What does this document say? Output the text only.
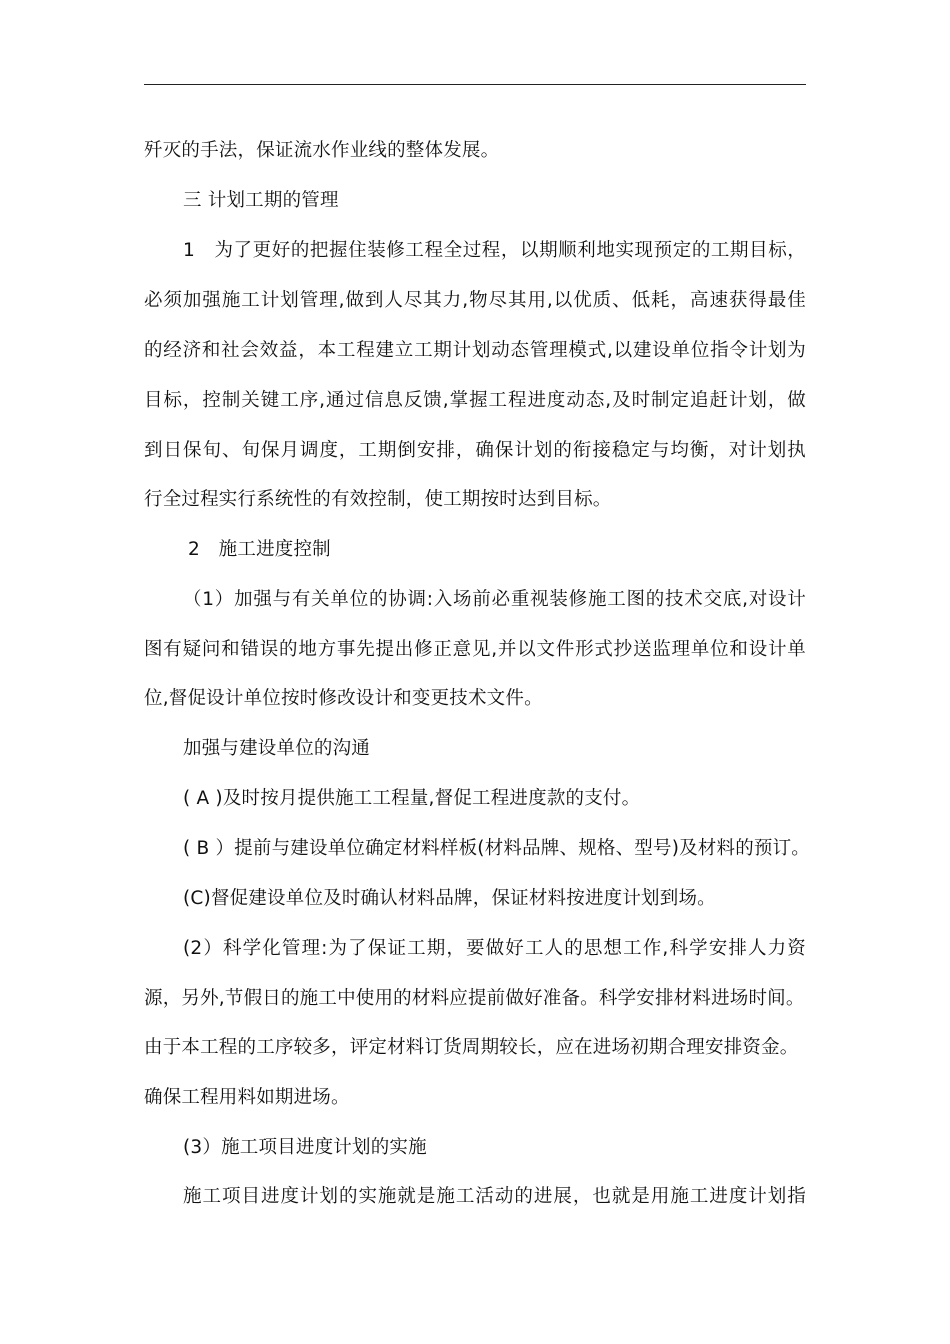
歼灭的手法，保证流水作业线的整体发展。
三 计划工期的管理
1　为了更好的把握住装修工程全过程，以期顺利地实现预定的工期目标，
必须加强施工计划管理,做到人尽其力,物尽其用,以优质、低耗，高速获得最佳
的经济和社会效益，本工程建立工期计划动态管理模式,以建设单位指令计划为
目标，控制关键工序,通过信息反馈,掌握工程进度动态,及时制定追赶计划，做
到日保旬、旬保月调度，工期倒安排，确保计划的衔接稳定与均衡，对计划执
行全过程实行系统性的有效控制，使工期按时达到目标。
2　施工进度控制
（1）加强与有关单位的协调:入场前必重视装修施工图的技术交底,对设计
图有疑问和错误的地方事先提出修正意见,并以文件形式抄送监理单位和设计单
位,督促设计单位按时修改设计和变更技术文件。
加强与建设单位的沟通
( A )及时按月提供施工工程量,督促工程进度款的支付。
( B ）提前与建设单位确定材料样板(材料品牌、规格、型号)及材料的预订。
(C)督促建设单位及时确认材料品牌，保证材料按进度计划到场。
(2）科学化管理:为了保证工期，要做好工人的思想工作,科学安排人力资
源，另外,节假日的施工中使用的材料应提前做好准备。科学安排材料进场时间。
由于本工程的工序较多，评定材料订货周期较长，应在进场初期合理安排资金。
确保工程用料如期进场。
(3）施工项目进度计划的实施
施工项目进度计划的实施就是施工活动的进展，也就是用施工进度计划指
